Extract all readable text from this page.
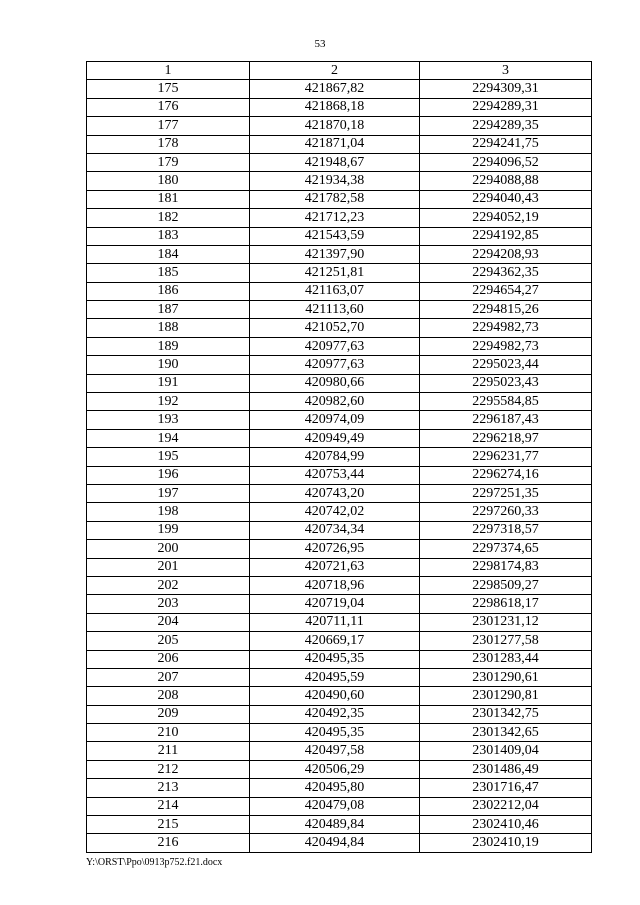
53
1	2	3
175	421867,82	2294309,31
176	421868,18	2294289,31
177	421870,18	2294289,35
178	421871,04	2294241,75
179	421948,67	2294096,52
180	421934,38	2294088,88
181	421782,58	2294040,43
182	421712,23	2294052,19
183	421543,59	2294192,85
184	421397,90	2294208,93
185	421251,81	2294362,35
186	421163,07	2294654,27
187	421113,60	2294815,26
188	421052,70	2294982,73
189	420977,63	2294982,73
190	420977,63	2295023,44
191	420980,66	2295023,43
192	420982,60	2295584,85
193	420974,09	2296187,43
194	420949,49	2296218,97
195	420784,99	2296231,77
196	420753,44	2296274,16
197	420743,20	2297251,35
198	420742,02	2297260,33
199	420734,34	2297318,57
200	420726,95	2297374,65
201	420721,63	2298174,83
202	420718,96	2298509,27
203	420719,04	2298618,17
204	420711,11	2301231,12
205	420669,17	2301277,58
206	420495,35	2301283,44
207	420495,59	2301290,61
208	420490,60	2301290,81
209	420492,35	2301342,75
210	420495,35	2301342,65
211	420497,58	2301409,04
212	420506,29	2301486,49
213	420495,80	2301716,47
214	420479,08	2302212,04
215	420489,84	2302410,46
216	420494,84	2302410,19
Y:\ORST\Ppo\0913p752.f21.docx
